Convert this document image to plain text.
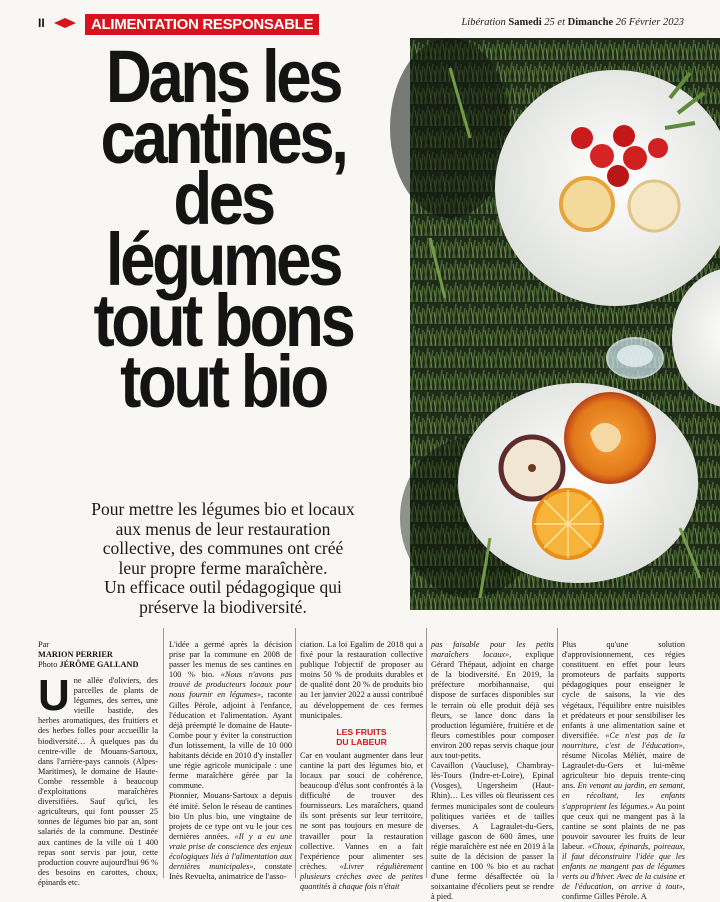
II	ALIMENTATION RESPONSABLE	Libération Samedi 25 et Dimanche 26 Février 2023
Dans les
cantines,
des
légumes
tout bons
tout bio
Pour mettre les légumes bio et locaux
aux menus de leur restauration
collective, des communes ont créé
leur propre ferme maraîchère.
Un efficace outil pédagogique qui
préserve la biodiversité.
Par
MARION PERRIER
Photo JÉRÔME GALLAND

Une allée d'oliviers, des parcelles de plants de légumes, des serres, une vieille bastide, des herbes aromatiques, des fruitiers et des herbes folles pour accueillir la biodiversité… À quelques pas du centre-ville de Mouans-Sartoux, dans l'arrière-pays cannois (Alpes-Maritimes), le domaine de Haute-Combe ressemble à beaucoup d'exploitations maraîchères diversifiées. Sauf qu'ici, les agriculteurs, qui font pousser 25 tonnes de légumes bio par an, sont salariés de la commune. Destinée aux cantines de la ville où 1 400 repas sont servis par jour, cette production couvre aujourd'hui 96 % des besoins en carottes, choux, épinards etc.

L'idée a germé après la décision prise par la commune en 2008 de passer les menus de ses cantines en 100 % bio. «Nous n'avons pas trouvé de producteurs locaux pour nous fournir en légumes», raconte Gilles Pérole, adjoint à l'enfance, l'éducation et l'alimentation. Ayant déjà préempté le domaine de Haute-Combe pour y éviter la construction d'un lotissement, la ville de 10 000 habitants décide en 2010 d'y installer une régie agricole municipale : une ferme maraîchère gérée par la commune.

Pionnier, Mouans-Sartoux a depuis été imité. Selon le réseau de cantines bio Un plus bio, une vingtaine de projets de ce type ont vu le jour ces dernières années. «Il y a eu une vraie prise de conscience des enjeux écologiques liés à l'alimentation aux dernières municipales», constate Inès Revuelta, animatrice de l'asso-

ciation. La loi Egalim de 2018 qui a fixé pour la restauration collective publique l'objectif de proposer au moins 50 % de produits durables et de qualité dont 20 % de produits bio au 1er janvier 2022 a aussi contribué au développement de ces fermes municipales.

LES FRUITS
DU LABEUR

Car en voulant augmenter dans leur cantine la part des légumes bio, et locaux par souci de cohérence, beaucoup d'élus sont confrontés à la difficulté de trouver des fournisseurs. Les maraîchers, quand ils sont présents sur leur territoire, ne sont pas toujours en mesure de travailler pour la restauration collective. Vannes en a fait l'expérience pour alimenter ses crèches. «Livrer régulièrement plusieurs crèches avec de petites quantités à chaque fois n'était

pas faisable pour les petits maraîchers locaux», explique Gérard Thépaut, adjoint en charge de la biodiversité. En 2019, la préfecture morbihannaise, qui dispose de surfaces disponibles sur le terrain où elle produit déjà ses fleurs, se lance donc dans la production légumière, fruitière et de fleurs comestibles pour composer environ 200 repas servis chaque jour aux tout-petits.

Cavaillon (Vaucluse), Chambray-lès-Tours (Indre-et-Loire), Epinal (Vosges), Ungersheim (Haut-Rhin)… Les villes où fleurissent ces fermes municipales sont de couleurs politiques variées et de tailles diverses. A Lagraulet-du-Gers, village gascon de 600 âmes, une régie maraîchère est née en 2019 à la suite de la décision de passer la cantine en 100 % bio et au rachat d'une ferme désaffectée où la soixantaine d'écoliers peut se rendre à pied.

Plus qu'une solution d'approvisionnement, ces régies constituent en effet pour leurs promoteurs de parfaits supports pédagogiques pour enseigner le cycle de saisons, la vie des végétaux, l'équilibre entre nuisibles et prédateurs et pour sensibiliser les enfants à une alimentation saine et diversifiée. «Ce n'est pas de la nourriture, c'est de l'éducation», résume Nicolas Mélièt, maire de Lagraulet-du-Gers et lui-même agriculteur bio depuis trente-cinq ans. En venant au jardin, en semant, en récoltant, les enfants s'approprient les légumes.» Au point que ceux qui ne mangent pas à la cantine se sont plaints de ne pas pouvoir savourer les fruits de leur labeur. «Choux, épinards, poireaux, il faut déconstruire l'idée que les enfants ne mangent pas de légumes verts ou d'hiver. Avec de la cuisine et de l'éducation, on arrive à tout», confirme Gilles Pérole. A
